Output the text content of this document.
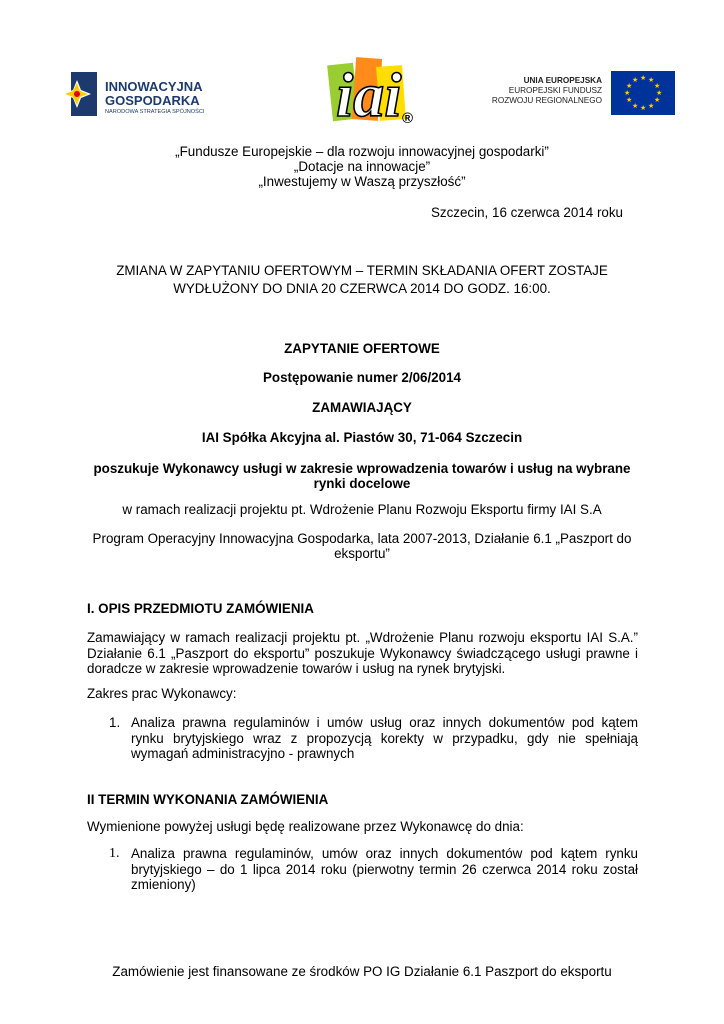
INNOWACYJNA
GOSPODARKA
NARODOWA STRATEGIA SPÓJNOŚCI iai ®
UNIA EUROPEJSKA
EUROPEJSKI FUNDUSZ
ROZWOJU REGIONALNEGO
★ ★
★
★
★
★
★
★
★
★
★
★
„Fundusze Europejskie – dla rozwoju innowacyjnej gospodarki”
„Dotacje na innowacje”
„Inwestujemy w Waszą przyszłość”
Szczecin, 16 czerwca 2014 roku
ZMIANA W ZAPYTANIU OFERTOWYM – TERMIN SKŁADANIA OFERT ZOSTAJE
WYDŁUŻONY DO DNIA 20 CZERWCA 2014 DO GODZ. 16:00.
ZAPYTANIE OFERTOWE
Postępowanie numer 2/06/2014
ZAMAWIAJĄCY
IAI Spółka Akcyjna al. Piastów 30, 71-064 Szczecin
poszukuje Wykonawcy usługi w zakresie wprowadzenia towarów i usług na wybrane
rynki docelowe
w ramach realizacji projektu pt. Wdrożenie Planu Rozwoju Eksportu firmy IAI S.A
Program Operacyjny Innowacyjna Gospodarka, lata 2007-2013, Działanie 6.1 „Paszport do
eksportu”
I. OPIS PRZEDMIOTU ZAMÓWIENIA
Zamawiający w ramach realizacji projektu pt. „Wdrożenie Planu rozwoju eksportu IAI S.A.” Działanie 6.1 „Paszport do eksportu” poszukuje Wykonawcy świadczącego usługi prawne i doradcze w zakresie wprowadzenie towarów i usług na rynek brytyjski.
Zakres prac Wykonawcy:
1. Analiza prawna regulaminów i umów usług oraz innych dokumentów pod kątem rynku brytyjskiego wraz z propozycją korekty w przypadku, gdy nie spełniają wymagań administracyjno - prawnych
II TERMIN WYKONANIA ZAMÓWIENIA
Wymienione powyżej usługi będę realizowane przez Wykonawcę do dnia:
1. Analiza prawna regulaminów, umów oraz innych dokumentów pod kątem rynku brytyjskiego – do 1 lipca 2014 roku (pierwotny termin 26 czerwca 2014 roku został zmieniony)
Zamówienie jest finansowane ze środków PO IG Działanie 6.1 Paszport do eksportu
